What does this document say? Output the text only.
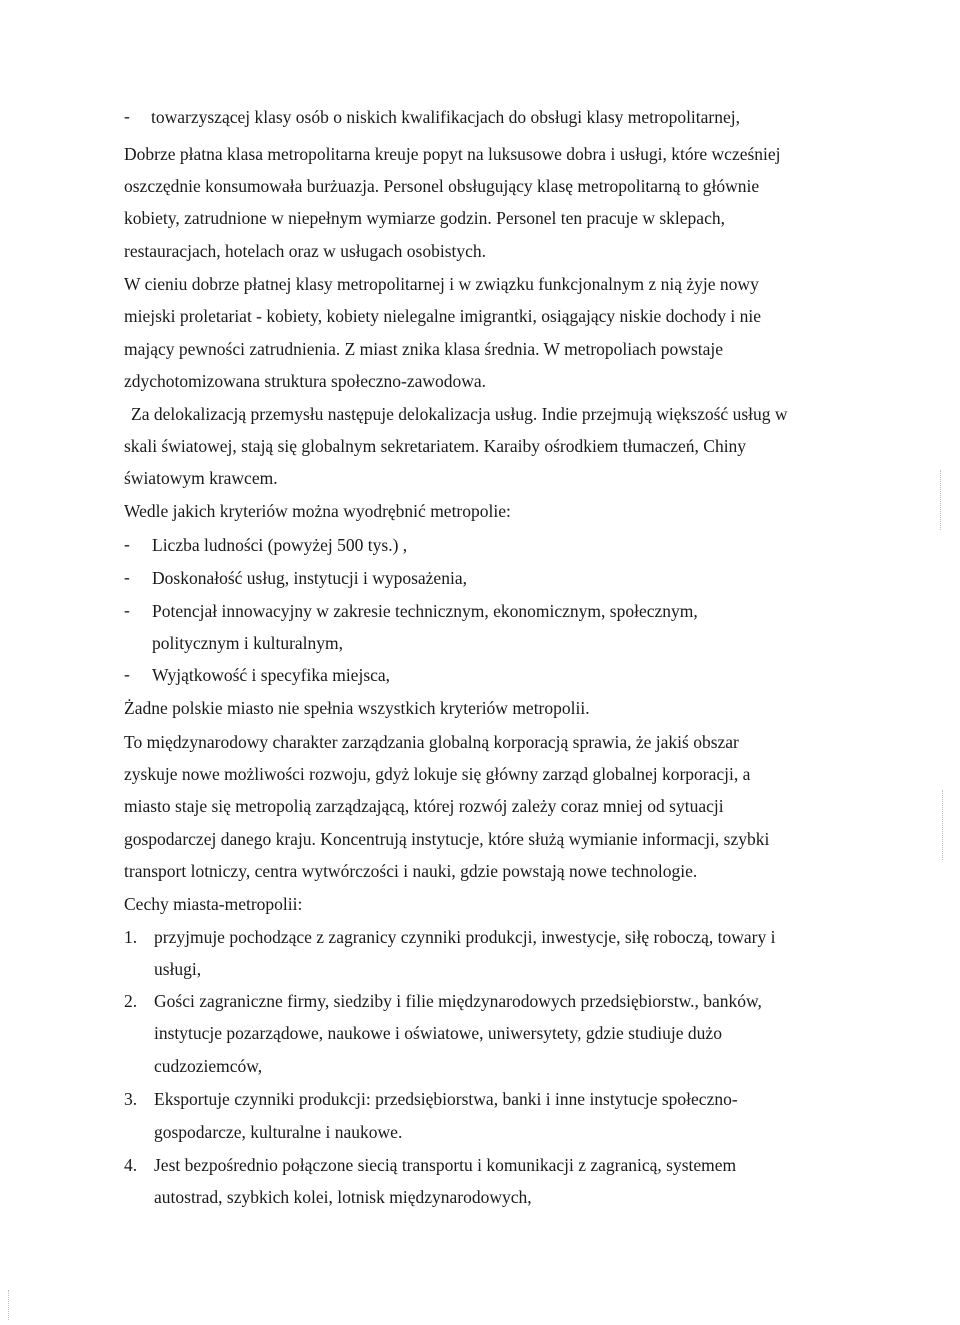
- towarzyszącej klasy osób o niskich kwalifikacjach do obsługi klasy metropolitarnej,
Dobrze płatna klasa metropolitarna kreuje popyt na luksusowe dobra i usługi, które wcześniej
oszczędnie konsumowała burżuazja. Personel obsługujący klasę metropolitarną to głównie
kobiety, zatrudnione w niepełnym wymiarze godzin. Personel ten pracuje w sklepach,
restauracjach, hotelach oraz w usługach osobistych.
W cieniu dobrze płatnej klasy metropolitarnej i w związku funkcjonalnym z nią żyje nowy
miejski proletariat - kobiety, kobiety nielegalne imigrantki, osiągający niskie dochody i nie
mający pewności zatrudnienia. Z miast znika klasa średnia. W metropoliach powstaje
zdychotomizowana struktura społeczno-zawodowa.
Za delokalizacją przemysłu następuje delokalizacja usług. Indie przejmują większość usług w
skali światowej, stają się globalnym sekretariatem. Karaiby ośrodkiem tłumaczeń, Chiny
światowym krawcem.
Wedle jakich kryteriów można wyodrębnić metropolie:
- Liczba ludności (powyżej 500 tys.) ,
- Doskonałość usług, instytucji i wyposażenia,
- Potencjał innowacyjny w zakresie technicznym, ekonomicznym, społecznym,
politycznym i kulturalnym,
- Wyjątkowość i specyfika miejsca,
Żadne polskie miasto nie spełnia wszystkich kryteriów metropolii.
To międzynarodowy charakter zarządzania globalną korporacją sprawia, że jakiś obszar
zyskuje nowe możliwości rozwoju, gdyż lokuje się główny zarząd globalnej korporacji, a
miasto staje się metropolią zarządzającą, której rozwój zależy coraz mniej od sytuacji
gospodarczej danego kraju. Koncentrują instytucje, które służą wymianie informacji, szybki
transport lotniczy, centra wytwórczości i nauki, gdzie powstają nowe technologie.
Cechy miasta-metropolii:
1. przyjmuje pochodzące z zagranicy czynniki produkcji, inwestycje, siłę roboczą, towary i
usługi,
2. Gości zagraniczne firmy, siedziby i filie międzynarodowych przedsiębiorstw., banków,
instytucje pozarządowe, naukowe i oświatowe, uniwersytety, gdzie studiuje dużo
cudzoziemców,
3. Eksportuje czynniki produkcji: przedsiębiorstwa, banki i inne instytucje społeczno-
gospodarcze, kulturalne i naukowe.
4. Jest bezpośrednio połączone siecią transportu i komunikacji z zagranicą, systemem
autostrad, szybkich kolei, lotnisk międzynarodowych,
